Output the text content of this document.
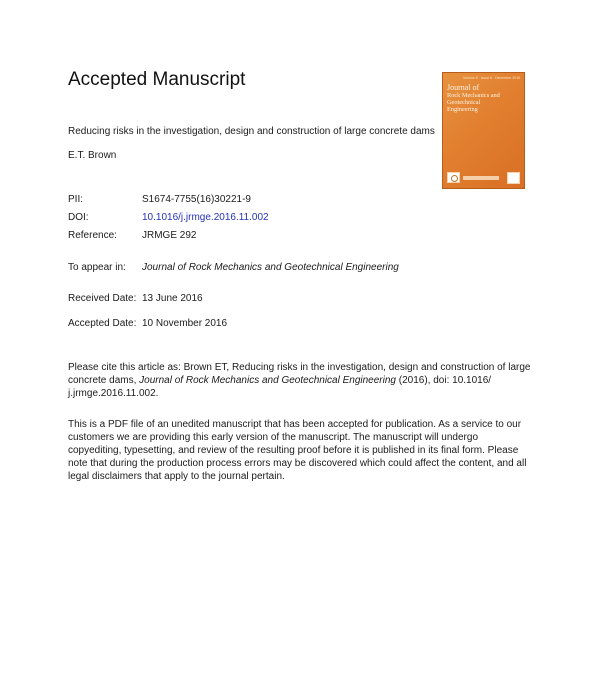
Accepted Manuscript	Volume 8 · Issue 6 · December 2016
Journal of
Rock Mechanics and
Geotechnical
Engineering
Reducing risks in the investigation, design and construction of large concrete dams
E.T. Brown
PII:	S1674-7755(16)30221-9
DOI:	10.1016/j.jrmge.2016.11.002
Reference:	JRMGE 292
To appear in: Journal of Rock Mechanics and Geotechnical Engineering
Received Date: 13 June 2016
Accepted Date: 10 November 2016
Please cite this article as: Brown ET, Reducing risks in the investigation, design and construction of large concrete dams, Journal of Rock Mechanics and Geotechnical Engineering (2016), doi: 10.1016/ j.jrmge.2016.11.002.
This is a PDF file of an unedited manuscript that has been accepted for publication. As a service to our customers we are providing this early version of the manuscript. The manuscript will undergo copyediting, typesetting, and review of the resulting proof before it is published in its final form. Please note that during the production process errors may be discovered which could affect the content, and all legal disclaimers that apply to the journal pertain.
